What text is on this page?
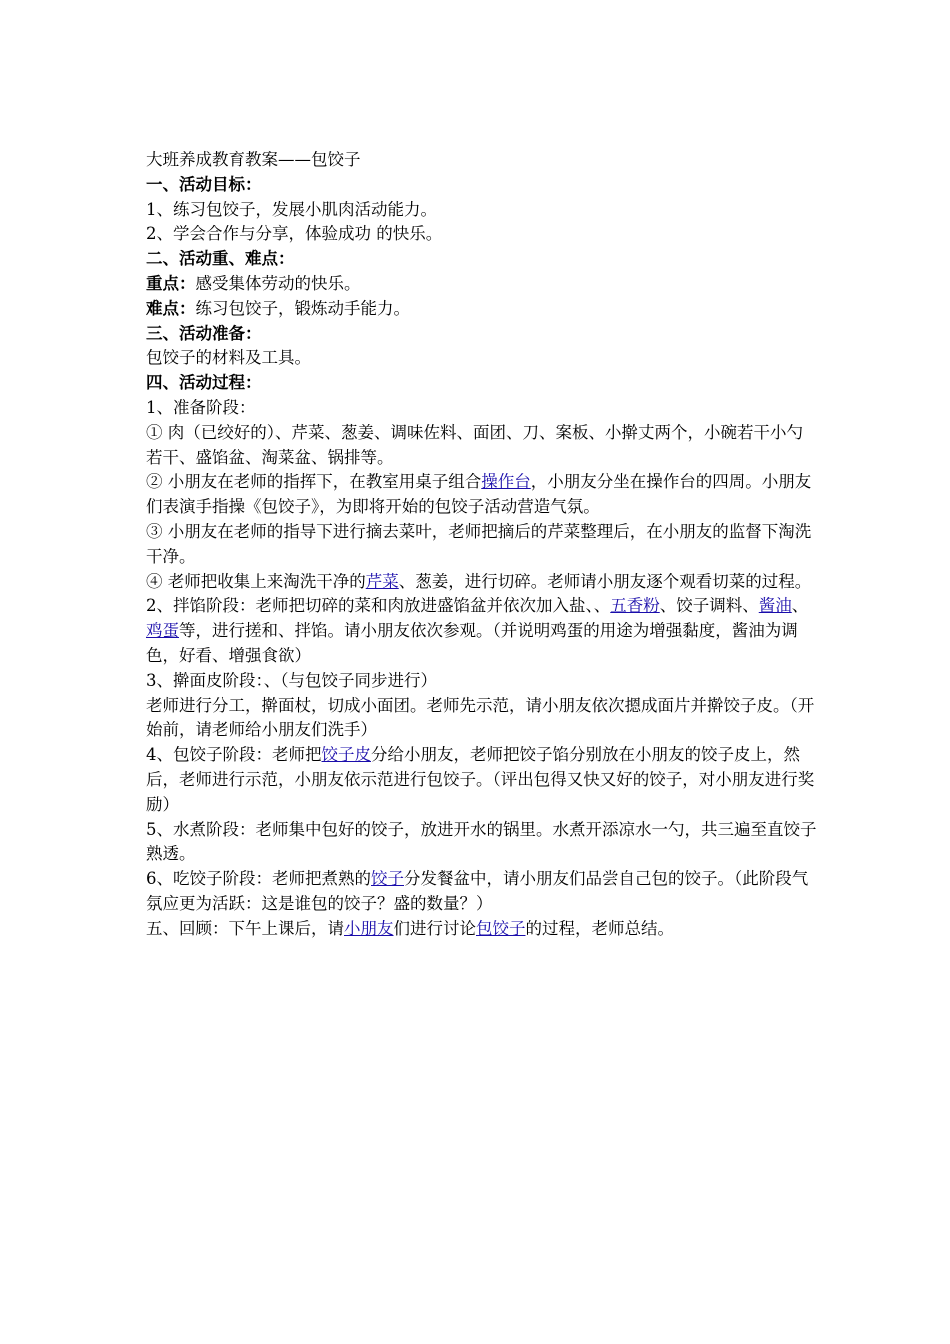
大班养成教育教案——包饺子

一、活动目标：

1、练习包饺子，发展小肌肉活动能力。

2、学会合作与分享，体验成功 的快乐。

二、活动重、难点：

重点：感受集体劳动的快乐。

难点：练习包饺子，锻炼动手能力。

三、活动准备：

包饺子的材料及工具。

四、活动过程：

1、准备阶段：

① 肉（已绞好的）、芹菜、葱姜、调味佐料、面团、刀、案板、小擀丈两个，小碗若干小勺若干、盛馅盆、淘菜盆、锅排等。

② 小朋友在老师的指挥下，在教室用桌子组合操作台，小朋友分坐在操作台的四周。小朋友们表演手指操《包饺子》，为即将开始的包饺子活动营造气氛。

③ 小朋友在老师的指导下进行摘去菜叶，老师把摘后的芹菜整理后，在小朋友的监督下淘洗干净。

④ 老师把收集上来淘洗干净的芹菜、葱姜，进行切碎。老师请小朋友逐个观看切菜的过程。

2、拌馅阶段：老师把切碎的菜和肉放进盛馅盆并依次加入盐、、五香粉、饺子调料、酱油、鸡蛋等，进行搓和、拌馅。请小朋友依次参观。（并说明鸡蛋的用途为增强黏度，酱油为调色，好看、增强食欲）

3、擀面皮阶段：、（与包饺子同步进行）

老师进行分工，擀面杖，切成小面团。老师先示范，请小朋友依次摁成面片并擀饺子皮。（开始前，请老师给小朋友们洗手）

4、包饺子阶段：老师把饺子皮分给小朋友，老师把饺子馅分别放在小朋友的饺子皮上，然后，老师进行示范，小朋友依示范进行包饺子。（评出包得又快又好的饺子，对小朋友进行奖励）

5、水煮阶段：老师集中包好的饺子，放进开水的锅里。水煮开添凉水一勺，共三遍至直饺子熟透。

6、吃饺子阶段：老师把煮熟的饺子分发餐盆中，请小朋友们品尝自己包的饺子。（此阶段气氛应更为活跃：这是谁包的饺子？盛的数量？）

五、回顾：下午上课后，请小朋友们进行讨论包饺子的过程，老师总结。
